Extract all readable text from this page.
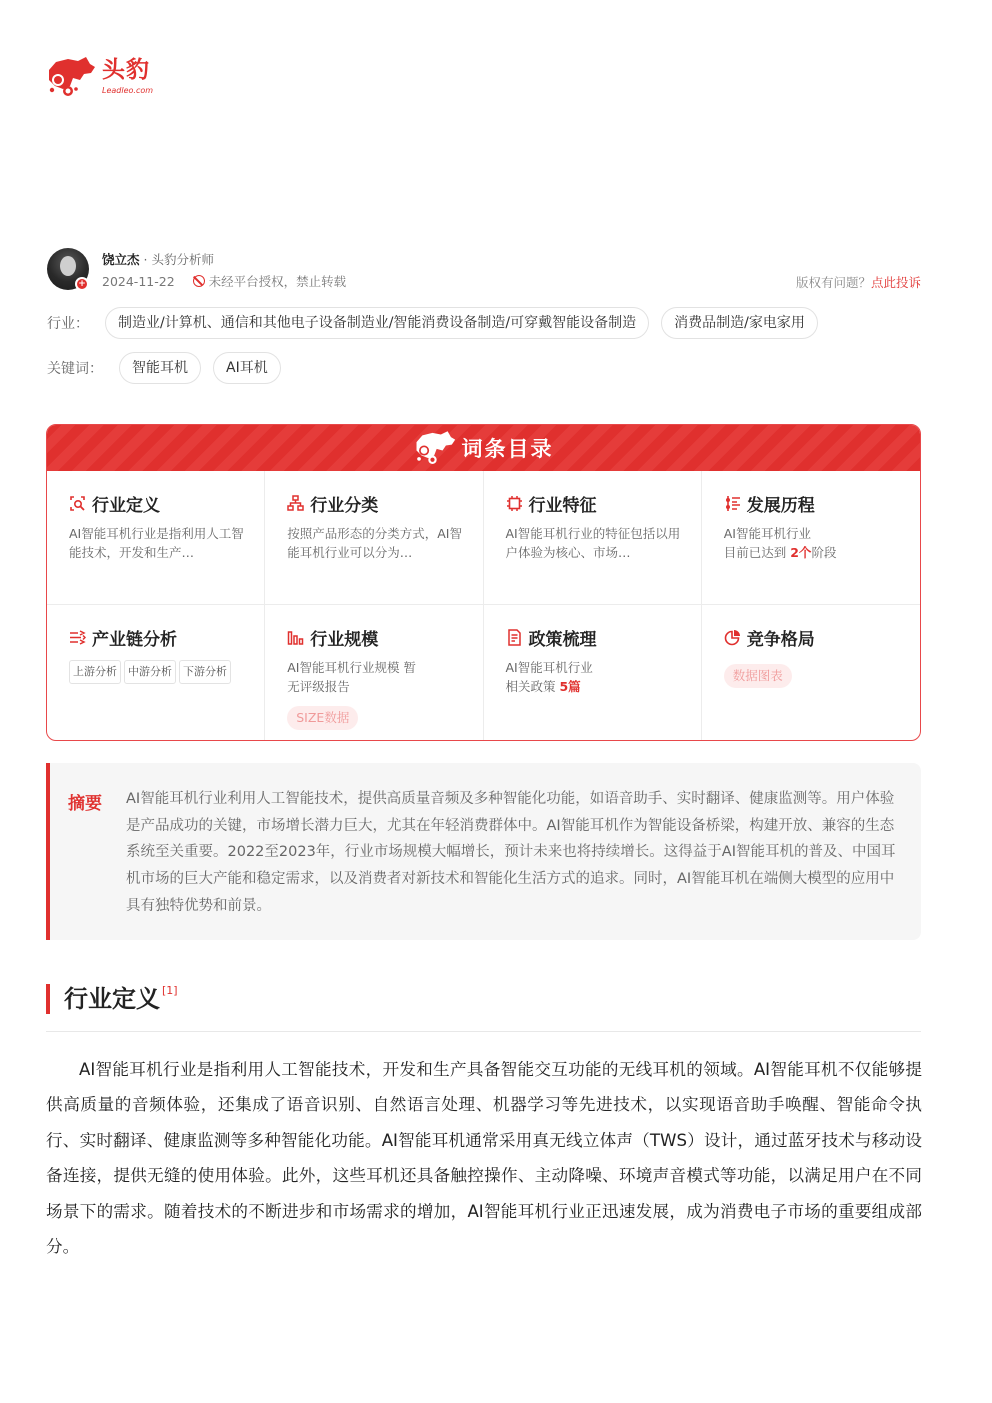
头豹
Leadleo.com
+
饶立杰 · 头豹分析师
2024-11-22	未经平台授权，禁止转载	版权有问题？点此投诉
行业：	制造业/计算机、通信和其他电子设备制造业/智能消费设备制造/可穿戴智能设备制造	消费品制造/家电家用
关键词：	智能耳机	AI耳机
词条目录
行业定义
AI智能耳机行业是指利用人工智能技术，开发和生产…
行业分类
按照产品形态的分类方式，AI智能耳机行业可以分为…
行业特征
AI智能耳机行业的特征包括以用户体验为核心、市场…
发展历程
AI智能耳机行业
目前已达到 2个阶段
产业链分析
上游分析	中游分析	下游分析
行业规模
AI智能耳机行业规模 暂无评级报告
SIZE数据
政策梳理
AI智能耳机行业
相关政策 5篇
竞争格局
数据图表
摘要 AI智能耳机行业利用人工智能技术，提供高质量音频及多种智能化功能，如语音助手、实时翻译、健康监测等。用户体验是产品成功的关键，市场增长潜力巨大，尤其在年轻消费群体中。AI智能耳机作为智能设备桥梁，构建开放、兼容的生态系统至关重要。2022至2023年，行业市场规模大幅增长，预计未来也将持续增长。这得益于AI智能耳机的普及、中国耳机市场的巨大产能和稳定需求，以及消费者对新技术和智能化生活方式的追求。同时，AI智能耳机在端侧大模型的应用中具有独特优势和前景。
行业定义 [1]
AI智能耳机行业是指利用人工智能技术，开发和生产具备智能交互功能的无线耳机的领域。AI智能耳机不仅能够提供高质量的音频体验，还集成了语音识别、自然语言处理、机器学习等先进技术，以实现语音助手唤醒、智能命令执行、实时翻译、健康监测等多种智能化功能。AI智能耳机通常采用真无线立体声（TWS）设计，通过蓝牙技术与移动设备连接，提供无缝的使用体验。此外，这些耳机还具备触控操作、主动降噪、环境声音模式等功能，以满足用户在不同场景下的需求。随着技术的不断进步和市场需求的增加，AI智能耳机行业正迅速发展，成为消费电子市场的重要组成部分。
